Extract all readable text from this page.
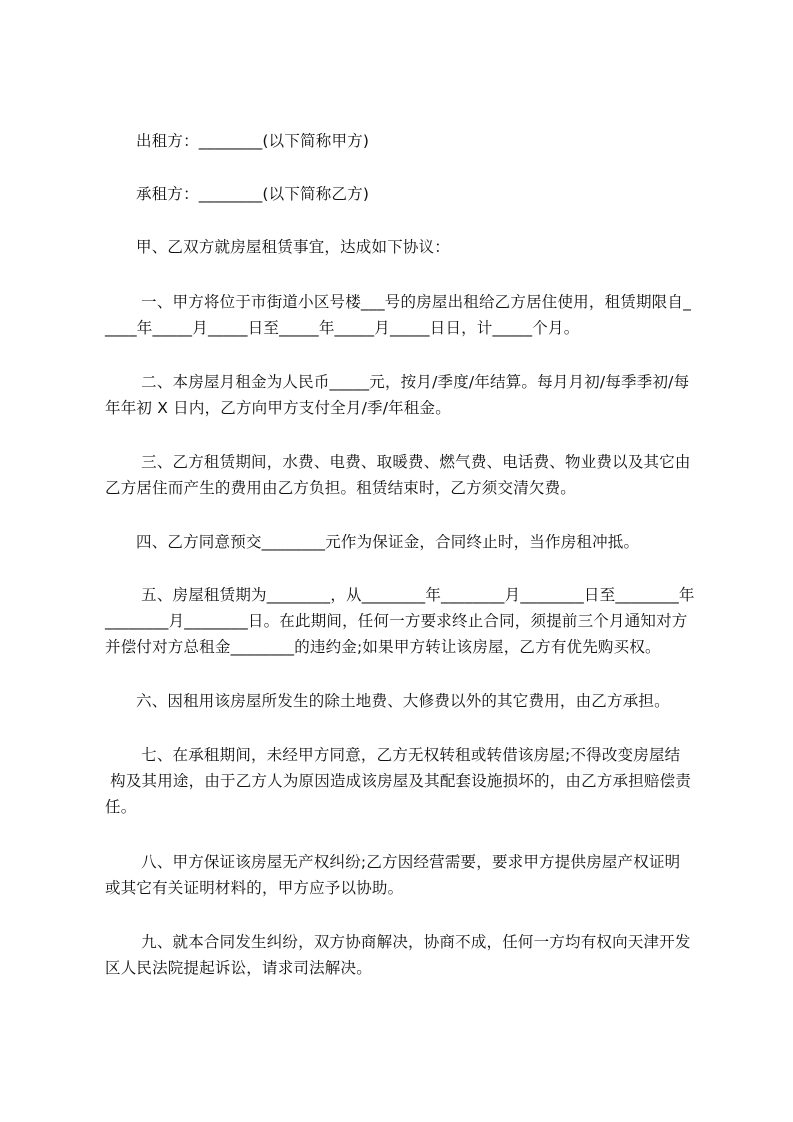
出租方：________(以下简称甲方)
承租方：________(以下简称乙方)
甲、乙双方就房屋租赁事宜，达成如下协议：
一、甲方将位于市街道小区号楼___号的房屋出租给乙方居住使用，租赁期限自_
____年_____月_____日至_____年_____月_____日日，计_____个月。
二、本房屋月租金为人民币_____元，按月/季度/年结算。每月月初/每季季初/每
年年初 X 日内，乙方向甲方支付全月/季/年租金。
三、乙方租赁期间，水费、电费、取暖费、燃气费、电话费、物业费以及其它由
乙方居住而产生的费用由乙方负担。租赁结束时，乙方须交清欠费。
四、乙方同意预交________元作为保证金，合同终止时，当作房租冲抵。
五、房屋租赁期为________，从________年________月________日至________年
________月________日。在此期间，任何一方要求终止合同，须提前三个月通知对方
并偿付对方总租金________的违约金;如果甲方转让该房屋，乙方有优先购买权。
六、因租用该房屋所发生的除土地费、大修费以外的其它费用，由乙方承担。
七、在承租期间，未经甲方同意，乙方无权转租或转借该房屋;不得改变房屋结
构及其用途，由于乙方人为原因造成该房屋及其配套设施损坏的，由乙方承担赔偿责
任。
八、甲方保证该房屋无产权纠纷;乙方因经营需要，要求甲方提供房屋产权证明
或其它有关证明材料的，甲方应予以协助。
九、就本合同发生纠纷，双方协商解决，协商不成，任何一方均有权向天津开发
区人民法院提起诉讼，请求司法解决。
